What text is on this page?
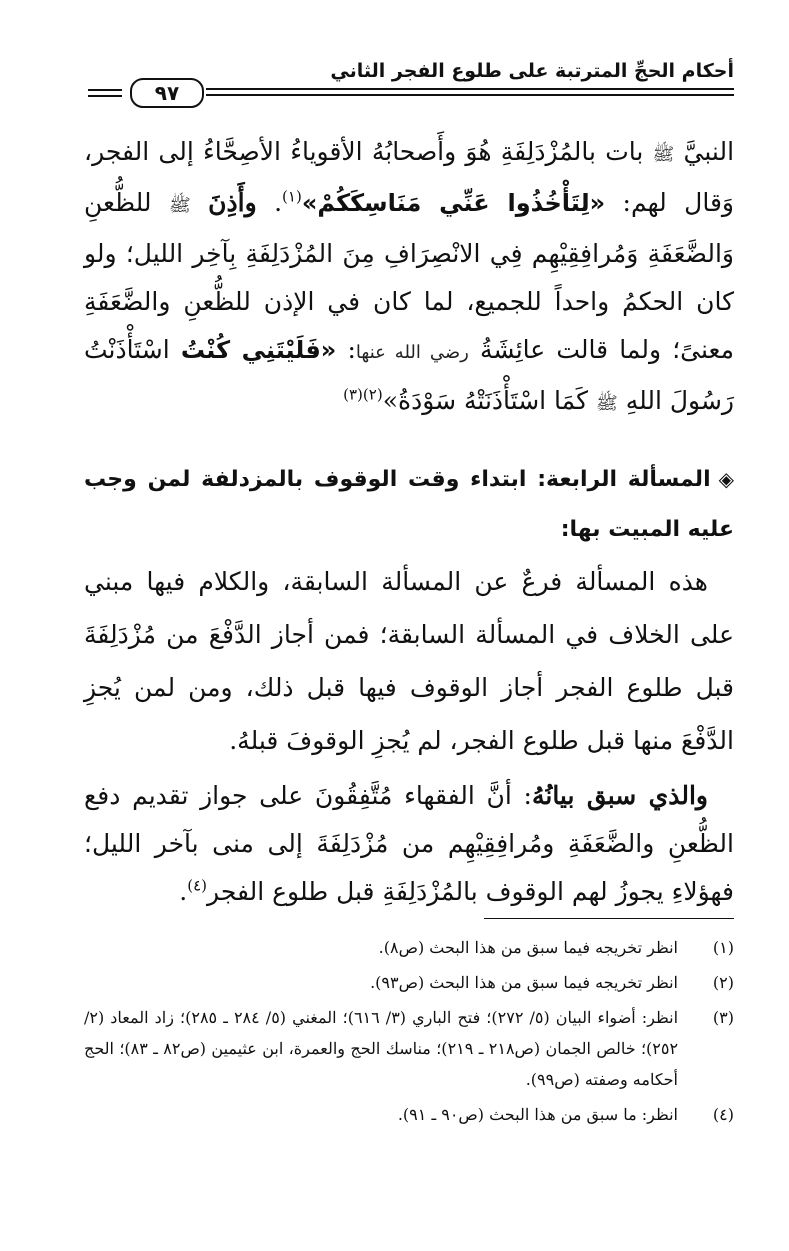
أحكام الحجِّ المترتبة على طلوع الفجر الثاني
٩٧
النبيَّ ﷺ بات بالمُزْدَلِفَةِ هُوَ وأَصحابُهُ الأقوياءُ الأصِحَّاءُ إلى الفجر، وَقال لهم: «لِتَأْخُذُوا عَنِّي مَنَاسِكَكُمْ»$^{(١)}$. وأَذِنَ ﷺ للظُّعنِ وَالضَّعَفَةِ وَمُرافِقِيْهِم فِي الانْصِرَافِ مِنَ المُزْدَلِفَةِ بِآخِر الليل؛ ولو كان الحكمُ واحداً للجميع، لما كان في الإذن للظُّعنِ والضَّعَفَةِ معنىً؛ ولما قالت عائِشَةُ رضي الله عنها: «فَلَيْتَنِي كُنْتُ اسْتَأْذَنْتُ رَسُولَ اللهِ ﷺ كَمَا اسْتَأْذَنَتْهُ سَوْدَةُ»$^{(٢)(٣)}$
◈المسألة الرابعة: ابتداء وقت الوقوف بالمزدلفة لمن وجب عليه المبيت بها:
هذه المسألة فرعٌ عن المسألة السابقة، والكلام فيها مبني على الخلاف في المسألة السابقة؛ فمن أجاز الدَّفْعَ من مُزْدَلِفَةَ قبل طلوع الفجر أجاز الوقوف فيها قبل ذلك، ومن لمن يُجزِ الدَّفْعَ منها قبل طلوع الفجر، لم يُجزِ الوقوفَ قبلهُ.
والذي سبق بيانُهُ: أنَّ الفقهاء مُتَّفِقُونَ على جواز تقديم دفع الظُّعنِ والضَّعَفَةِ ومُرافِقِيْهِم من مُزْدَلِفَةَ إلى منى بآخر الليل؛ فهؤلاءِ يجوزُ لهم الوقوف بالمُزْدَلِفَةِ قبل طلوع الفجر$^{(٤)}$.
(١)
انظر تخريجه فيما سبق من هذا البحث (ص٨).
(٢)
انظر تخريجه فيما سبق من هذا البحث (ص٩٣).
(٣)
انظر: أضواء البيان (٥/ ٢٧٢)؛ فتح الباري (٣/ ٦١٦)؛ المغني (٥/ ٢٨٤ ـ ٢٨٥)؛ زاد المعاد (٢/ ٢٥٢)؛ خالص الجمان (ص٢١٨ ـ ٢١٩)؛ مناسك الحج والعمرة، ابن عثيمين (ص٨٢ ـ ٨٣)؛ الحج أحكامه وصفته (ص٩٩).
(٤)
انظر: ما سبق من هذا البحث (ص٩٠ ـ ٩١).
